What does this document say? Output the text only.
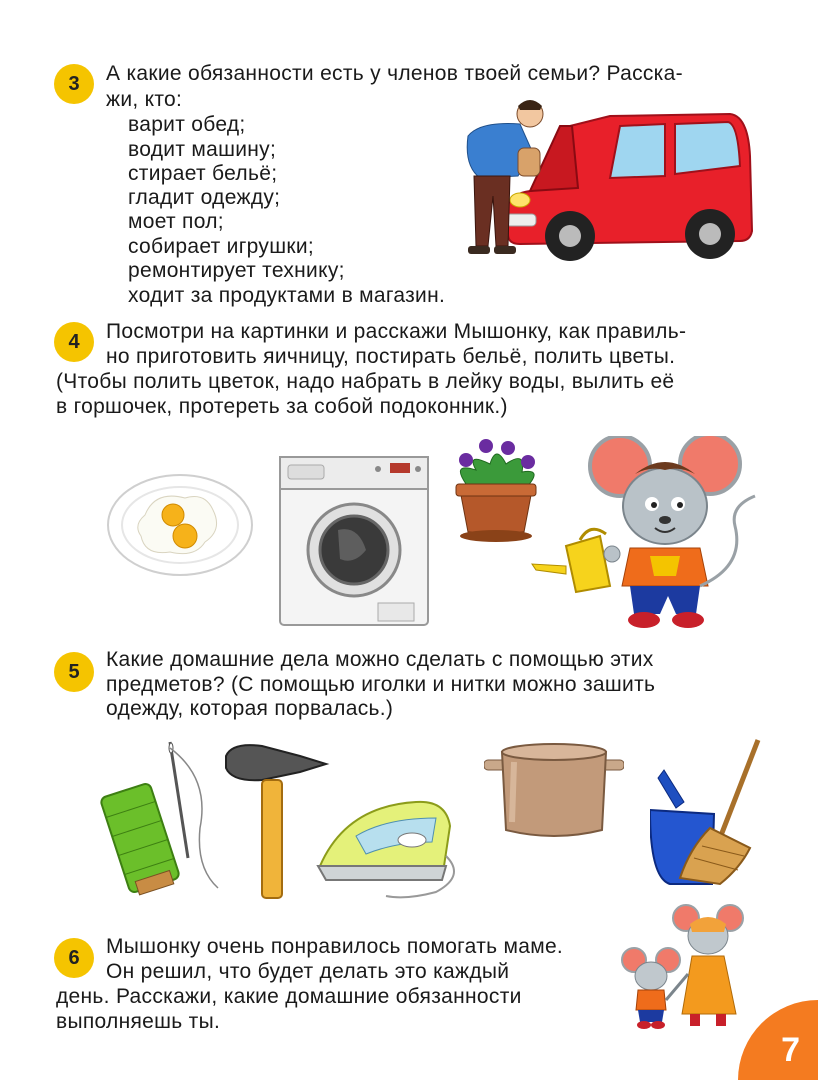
3	А какие обязанности есть у членов твоей семьи? Расска-
жи, кто:
варит обед;
водит машину;
стирает бельё;
гладит одежду;
моет пол;
собирает игрушки;
ремонтирует технику;
ходит за продуктами в магазин.
4	Посмотри на картинки и расскажи Мышонку, как правиль-
но приготовить яичницу, постирать бельё, полить цветы.
(Чтобы полить цветок, надо набрать в лейку воды, вылить её
в горшочек, протереть за собой подоконник.)
5
Какие домашние дела можно сделать с помощью этих
предметов? (С помощью иголки и нитки можно зашить
одежду, которая порвалась.)
6	Мышонку очень понравилось помогать маме.
Он решил, что будет делать это каждый
день. Расскажи, какие домашние обязанности
выполняешь ты.
7
